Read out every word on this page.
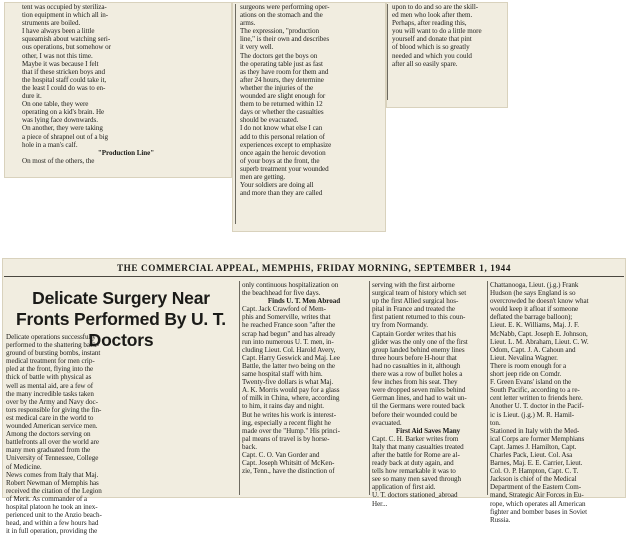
tent was occupied by steriliza-
tion equipment in which all in-
struments are boiled.
I have always been a little
squeamish about watching seri-
ous operations, but somehow or
other, I was not this time.
Maybe it was because I felt
that if these stricken boys and
the hospital staff could take it,
the least I could do was to en-
dure it.
On one table, they were
operating on a kid's brain. He
was lying face downwards.
On another, they were taking
a piece of shrapnel out of a big
hole in a man's calf.
"Production Line"
On most of the others, the
surgeons were performing oper-
ations on the stomach and the
arms.
The expression, "production
line," is their own and describes
it very well.
The doctors get the boys on
the operating table just as fast
as they have room for them and
after 24 hours, they determine
whether the injuries of the
wounded are slight enough for
them to be returned within 12
days or whether the casualties
should be evacuated.
I do not know what else I can
add to this personal relation of
experiences except to emphasize
once again the heroic devotion
of your boys at the front, the
superb treatment your wounded
men are getting.
Your soldiers are doing all
and more than they are called
upon to do and so are the skill-
ed men who look after them.
Perhaps, after reading this,
you will want to do a little more
yourself and donate that pint
of blood which is so greatly
needed and which you could
after all so easily spare.
THE COMMERCIAL APPEAL, MEMPHIS, FRIDAY MORNING, SEPTEMBER 1, 1944
Delicate Surgery Near Fronts Performed By U. T. Doctors
Delicate operations successfully
performed to the shattering back-
ground of bursting bombs, instant
medical treatment for men crip-
pled at the front, flying into the
thick of battle with physical as
well as mental aid, are a few of
the many incredible tasks taken
over by the Army and Navy doc-
tors responsible for giving the fin-
est medical care in the world to
wounded American service men.
Among the doctors serving on
battlefronts all over the world are
many men graduated from the
University of Tennessee, College
of Medicine.
News comes from Italy that Maj.
Robert Newman of Memphis has
received the citation of the Legion
of Merit. As commander of a
hospital platoon he took an inex-
perienced unit to the Anzio beach-
head, and within a few hours had
it in full operation, providing the
only continuous hospitalization on
the beachhead for five days.
Finds U. T. Men Abroad
Capt. Jack Crawford of Mem-
phis and Somerville, writes that
he reached France soon "after the
scrap had begun" and has already
run into numerous U. T. men, in-
cluding Lieut. Col. Harold Avery,
Capt. Harry Geswick and Maj. Lee
Battle, the latter two being on the
same hospital staff with him.
Twenty-five dollars is what Maj.
A. K. Morris would pay for a glass
of milk in China, where, according
to him, it rains day and night.
But he writes his work is interest-
ing, especially a recent flight he
made over the "Hump." His princi-
pal means of travel is by horse-
back.
Capt. C. O. Van Gorder and
Capt. Joseph Whitsitt of McKen-
zie, Tenn., have the distinction of
serving with the first airborne
surgical team of history which set
up the first Allied surgical hos-
pital in France and treated the
first patient returned to this coun-
try from Normandy.
Captain Gorder writes that his
glider was the only one of the first
group landed behind enemy lines
three hours before H-hour that
had no casualties in it, although
there was a row of bullet holes a
few inches from his seat. They
were dropped seven miles behind
German lines, and had to wait un-
til the Germans were routed back
before their wounded could be
evacuated.
First Aid Saves Many
Capt. C. H. Barker writes from
Italy that many casualties treated
after the battle for Rome are al-
ready back at duty again, and
tells how remarkable it was to
see so many men saved through
application of first aid.
U. T. doctors stationed_abroad
Her...
Chattanooga, Lieut. (j.g.) Frank
Hudson (he says England is so
overcrowded he doesn't know what
would keep it afloat if someone
deflated the barrage balloon);
Lieut. E. K. Williams, Maj. J. F.
McNabb, Capt. Joseph E. Johnson,
Lieut. L. M. Abraham, Lieut. C. W.
Odom, Capt. J. A. Cahoun and
Lieut. Nevalina Wagner.
There is room enough for a
short jeep ride on Comdr.
F. Green Evans' island on the
South Pacific, according to a re-
cent letter written to friends here.
Another U. T. doctor in the Pacif-
ic is Lieut. (j.g.) M. R. Hamil-
ton.
Stationed in Italy with the Med-
ical Corps are former Memphians
Capt. James J. Hamilton, Capt.
Charles Pack, Lieut. Col. Asa
Barnes, Maj. E. E. Carrier, Lieut.
Col. O. P. Hampton, Capt. C. T.
Jackson is chief of the Medical
Department of the Eastern Com-
mand, Strategic Air Forces in Eu-
rope, which operates all American
fighter and bomber bases in Soviet
Russia.
